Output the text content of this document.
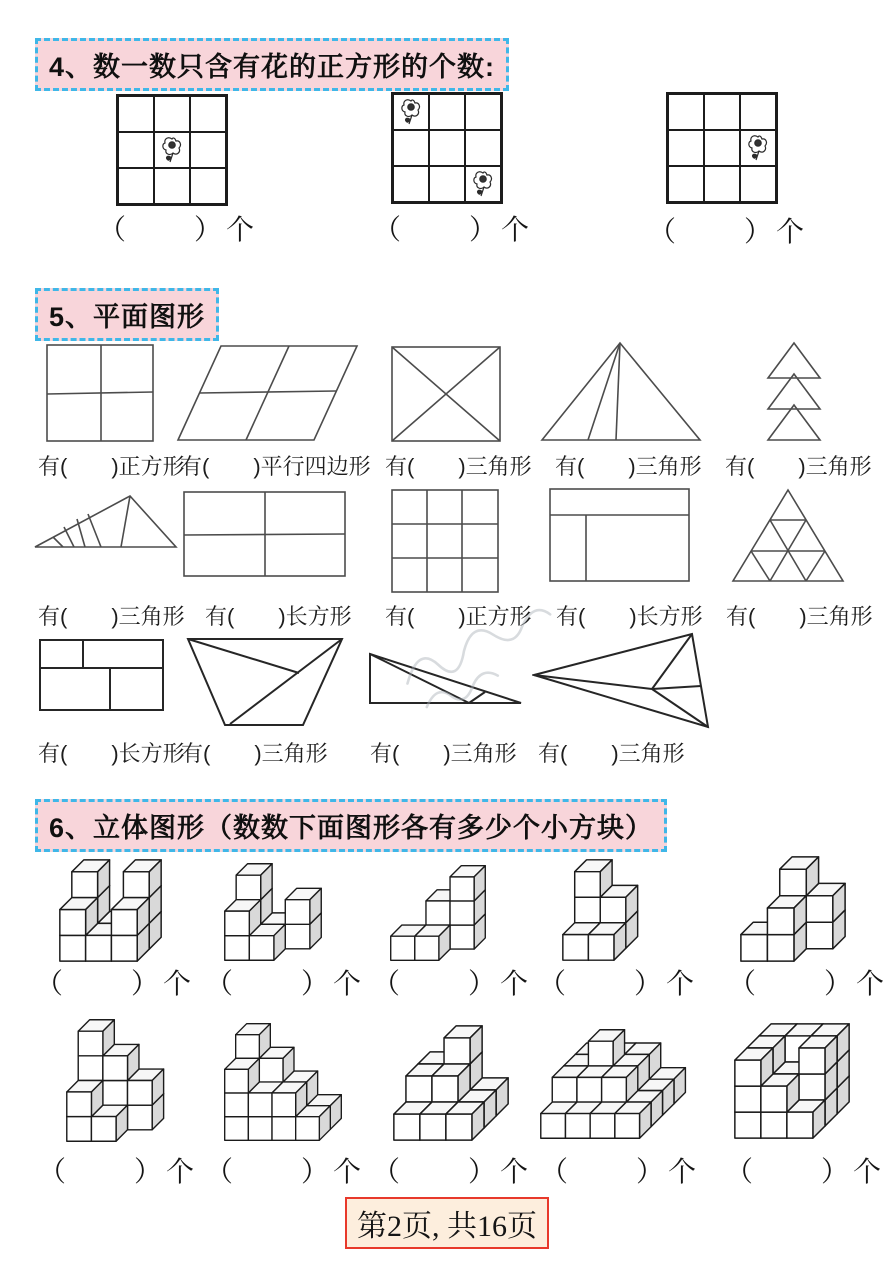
4、数一数只含有花的正方形的个数:
（　　）个	（　　）个	（　　）个
5、平面图形
有(　　)正方形
有(　　)平行四边形 有(　　)三角形 有(　　)三角形 有(　　)三角形
有(　　)三角形 有(　　)长方形 有(　　)正方形 有(　　)长方形 有(　　)三角形
有(　　)长方形
有(　　)三角形 有(　　)三角形 有(　　)三角形
6、立体图形（数数下面图形各有多少个小方块）
（　　）个 （　　）个 （　　）个 （　　）个 （　　）个
（　　）个 （　　）个 （　　）个 （　　）个 （　　）个
第2页, 共16页
